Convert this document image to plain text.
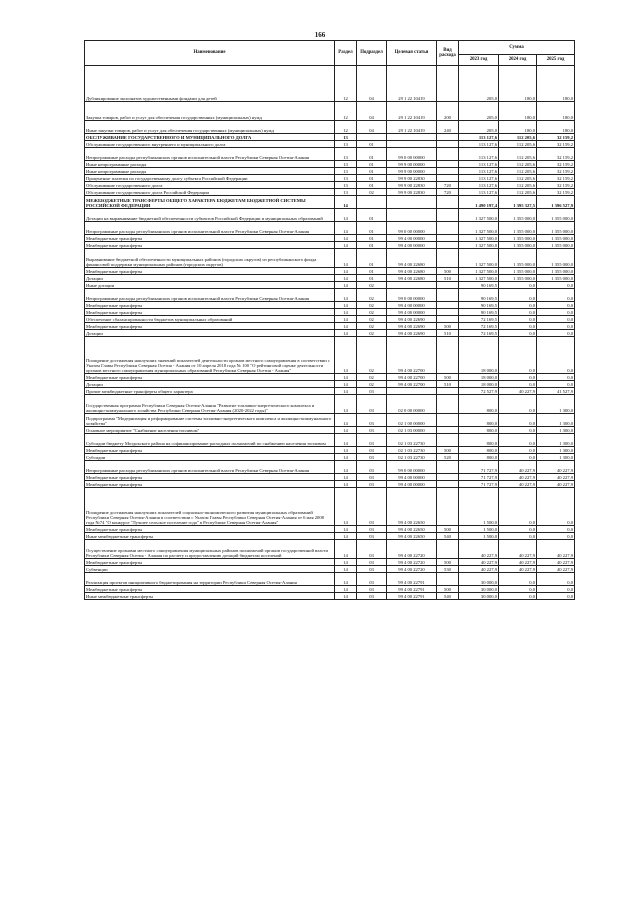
166
Наименование	Раздел	Подраздел	Целевая статья	Вид расхода	Сумма		
					2023 год	2024 год	2025 год
Дубликирование экспонатов художественными фондами для детей	12	04	29 1 22 10419		205,0	180,0	180,0
Закупка товаров, работ и услуг для обеспечения государственных (муниципальных) нужд	12	04	29 1 22 10419	200	205,0	180,0	180,0
Иные закупки товаров, работ и услуг для обеспечения государственных (муниципальных) нужд	12	04	29 1 22 10419	240	205,0	180,0	180,0
ОБСЛУЖИВАНИЕ ГОСУДАРСТВЕННОГО И МУНИЦИПАЛЬНОГО ДОЛГА	13				113 127,6	112 205,6	32 159,2
Обслуживание государственного внутреннего и муниципального долга	13	01			113 127,6	112 205,6	32 159,2
Непрограммные расходы республиканских органов исполнительной власти Республики Северная Осетия-Алания	13	01	99 0 00 00000		113 127,6	112 205,6	32 159,2
Иные непрограммные расходы	13	01	99 9 00 00000		113 127,6	112 205,6	32 159,2
Иные непрограммные расходы	13	01	99 9 00 00000		113 127,6	112 205,6	32 159,2
Процентные платежи по государственному долгу субъекта Российской Федерации	13	01	99 9 00 22830		113 127,6	112 205,6	32 159,2
Обслуживание государственного долга	13	01	99 9 00 22830	720	113 127,6	112 205,6	32 159,2
Обслуживание государственного долга Российской Федерации	13	02	99 9 00 22830	720	113 127,6	112 205,6	32 159,2
МЕЖБЮДЖЕТНЫЕ ТРАНСФЕРТЫ ОБЩЕГО ХАРАКТЕРА БЮДЖЕТАМ БЮДЖЕТНОЙ СИСТЕМЫ РОССИЙСКОЙ ФЕДЕРАЦИИ	14				1 490 197,4	1 395 327,5	1 396 527,9
Дотации на выравнивание бюджетной обеспеченности субъектов Российской Федерации и муниципальных образований	14	01			1 327 500,0	1 355 000,0	1 355 000,0
Непрограммные расходы республиканских органов исполнительной власти Республики Северная Осетия-Алания	14	01	99 0 00 00000		1 327 500,0	1 355 000,0	1 355 000,0
Межбюджетные трансферты	14	01	99 4 00 00000		1 327 500,0	1 355 000,0	1 355 000,0
Межбюджетные трансферты	14	01	99 4 00 00000		1 327 500,0	1 355 000,0	1 355 000,0
Выравнивание бюджетной обеспеченности муниципальных районов (городских округов) из республиканского фонда финансовой поддержки муниципальных районов (городских округов)	14	01	99 4 00 22680		1 327 500,0	1 355 000,0	1 355 000,0
Межбюджетные трансферты	14	01	99 4 00 22680	500	1 327 500,0	1 355 000,0	1 355 000,0
Дотации	14	01	99 4 00 22680	510	1 327 500,0	1 355 000,0	1 355 000,0
Иные дотации	14	02			90 169,5	0,0	0,0
Непрограммные расходы республиканских органов исполнительной власти Республики Северная Осетия-Алания	14	02	99 0 00 00000		90 169,5	0,0	0,0
Межбюджетные трансферты	14	02	99 4 00 00000		90 169,5	0,0	0,0
Межбюджетные трансферты	14	02	99 4 00 00000		90 169,5	0,0	0,0
Обеспечение сбалансированности бюджетов муниципальных образований	14	02	99 4 00 22690		72 169,5	0,0	0,0
Межбюджетные трансферты	14	02	99 4 00 22690	500	72 169,5	0,0	0,0
Дотации	14	02	99 4 00 22690	510	72 169,5	0,0	0,0
Поощрение достижения наилучших значений показателей деятельности органов местного самоуправления в соответствии с Указом Главы Республики Северная Осетия - Алания от 10 апреля 2018 года № 100 "О рейтинговой оценке деятельности органов местного самоуправления муниципальных образований Республики Северная Осетия - Алания"	14	02	99 4 00 22700		18 000,0	0,0	0,0
Межбюджетные трансферты	14	02	99 4 00 22700	500	18 000,0	0,0	0,0
Дотации	14	02	99 4 00 22700	510	18 000,0	0,0	0,0
Прочие межбюджетные трансферты общего характера	14	03			72 527,9	40 227,9	41 527,9
Государственная программа Республики Северная Осетия-Алания "Развитие топливно-энергетического комплекса и жилищно-коммунального хозяйства Республики Северная Осетия-Алания (2020-2022 годы)"	14	03	02 0 00 00000		800,0	0,0	1 300,0
Подпрограмма "Модернизация и реформирование системы топливно-энергетического комплекса и жилищно-коммунального хозяйства"	14	03	02 1 00 00000		800,0	0,0	1 300,0
Основное мероприятие "Снабжение населения топливом"	14	03	02 1 03 00000		800,0	0,0	1 300,0
Субсидии бюджету Моздокского района на софинансирование расходных полномочий по снабжению населения топливом	14	03	02 1 03 22730		800,0	0,0	1 300,0
Межбюджетные трансферты	14	03	02 1 03 22730	500	800,0	0,0	1 300,0
Субсидии	14	03	02 1 03 22730	520	800,0	0,0	1 300,0
Непрограммные расходы республиканских органов исполнительной власти Республики Северная Осетия-Алания	14	03	99 0 00 00000		71 727,9	40 227,9	40 227,9
Межбюджетные трансферты	14	03	99 4 00 00000		71 727,9	40 227,9	40 227,9
Межбюджетные трансферты	14	03	99 4 00 00000		71 727,9	40 227,9	40 227,9
Поощрение достижения наилучших показателей социально-экономического развития муниципальных образований Республики Северная Осетия-Алания в соответствии с Указом Главы Республики Северная Осетия-Алания от 6 мая 2008 года №74 "О конкурсе "Лучшее сельское поселение года" в Республике Северная Осетия-Алания"	14	03	99 4 00 22650		1 500,0	0,0	0,0
Межбюджетные трансферты	14	03	99 4 00 22650	500	1 500,0	0,0	0,0
Иные межбюджетные трансферты	14	03	99 4 00 22650	540	1 500,0	0,0	0,0
Осуществление органами местного самоуправления муниципальных районов полномочий органов государственной власти Республики Северная Осетия - Алания по расчету и предоставлению дотаций бюджетам поселений	14	03	99 4 00 22720		40 227,9	40 227,9	40 227,9
Межбюджетные трансферты	14	03	99 4 00 22720	500	40 227,9	40 227,9	40 227,9
Субвенции	14	03	99 4 00 22720	530	40 227,9	40 227,9	40 227,9
Реализация проектов инициативного бюджетирования на территории Республики Северная Осетия-Алания	14	03	99 4 00 22791		30 000,0	0,0	0,0
Межбюджетные трансферты	14	03	99 4 00 22791	500	30 000,0	0,0	0,0
Иные межбюджетные трансферты	14	03	99 4 00 22791	540	30 000,0	0,0	0,0
